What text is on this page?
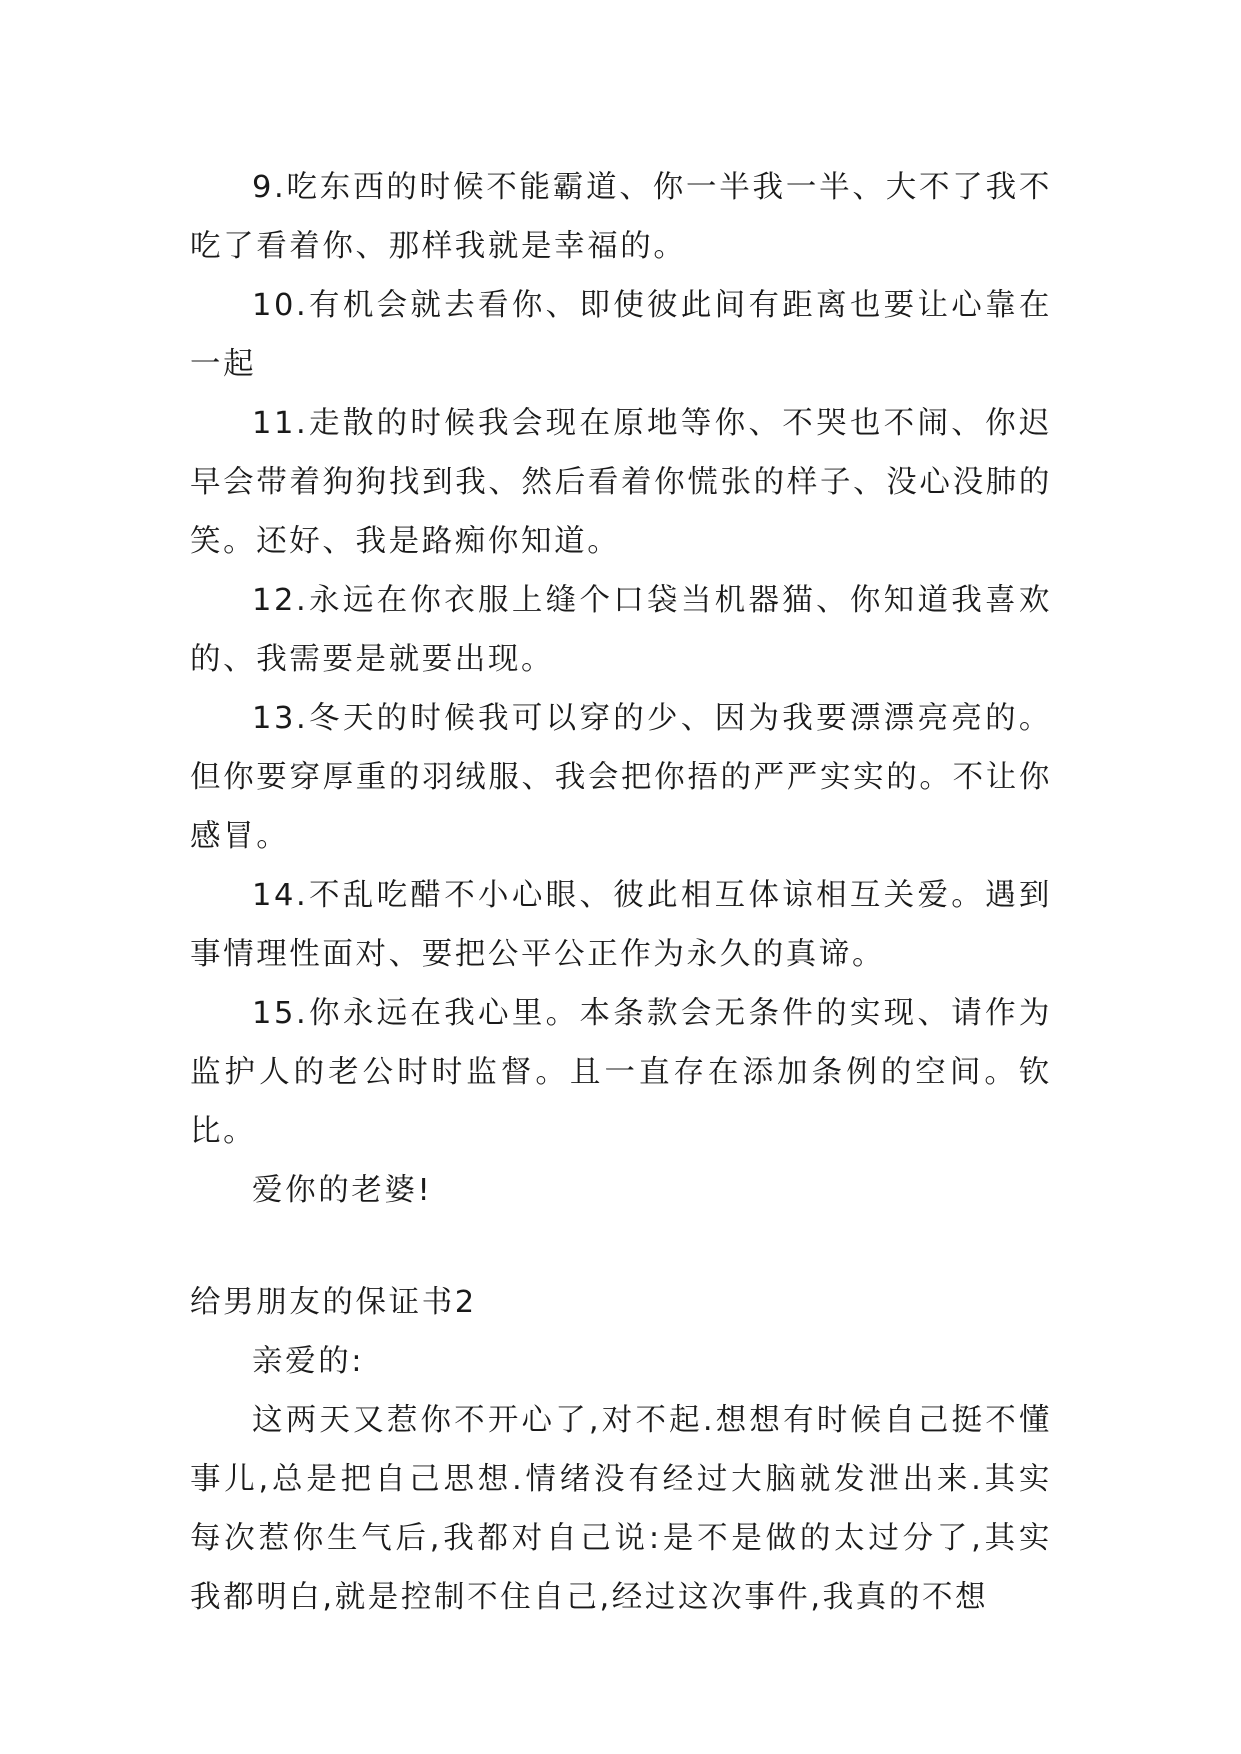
9.吃东西的时候不能霸道、你一半我一半、大不了我不吃了看着你、那样我就是幸福的。

10.有机会就去看你、即使彼此间有距离也要让心靠在一起

11.走散的时候我会现在原地等你、不哭也不闹、你迟早会带着狗狗找到我、然后看着你慌张的样子、没心没肺的笑。还好、我是路痴你知道。

12.永远在你衣服上缝个口袋当机器猫、你知道我喜欢的、我需要是就要出现。

13.冬天的时候我可以穿的少、因为我要漂漂亮亮的。但你要穿厚重的羽绒服、我会把你捂的严严实实的。不让你感冒。

14.不乱吃醋不小心眼、彼此相互体谅相互关爱。遇到事情理性面对、要把公平公正作为永久的真谛。

15.你永远在我心里。本条款会无条件的实现、请作为监护人的老公时时监督。且一直存在添加条例的空间。钦比。

爱你的老婆!

给男朋友的保证书2

亲爱的:

这两天又惹你不开心了,对不起.想想有时候自己挺不懂事儿,总是把自己思想.情绪没有经过大脑就发泄出来.其实每次惹你生气后,我都对自己说:是不是做的太过分了,其实我都明白,就是控制不住自己,经过这次事件,我真的不想
